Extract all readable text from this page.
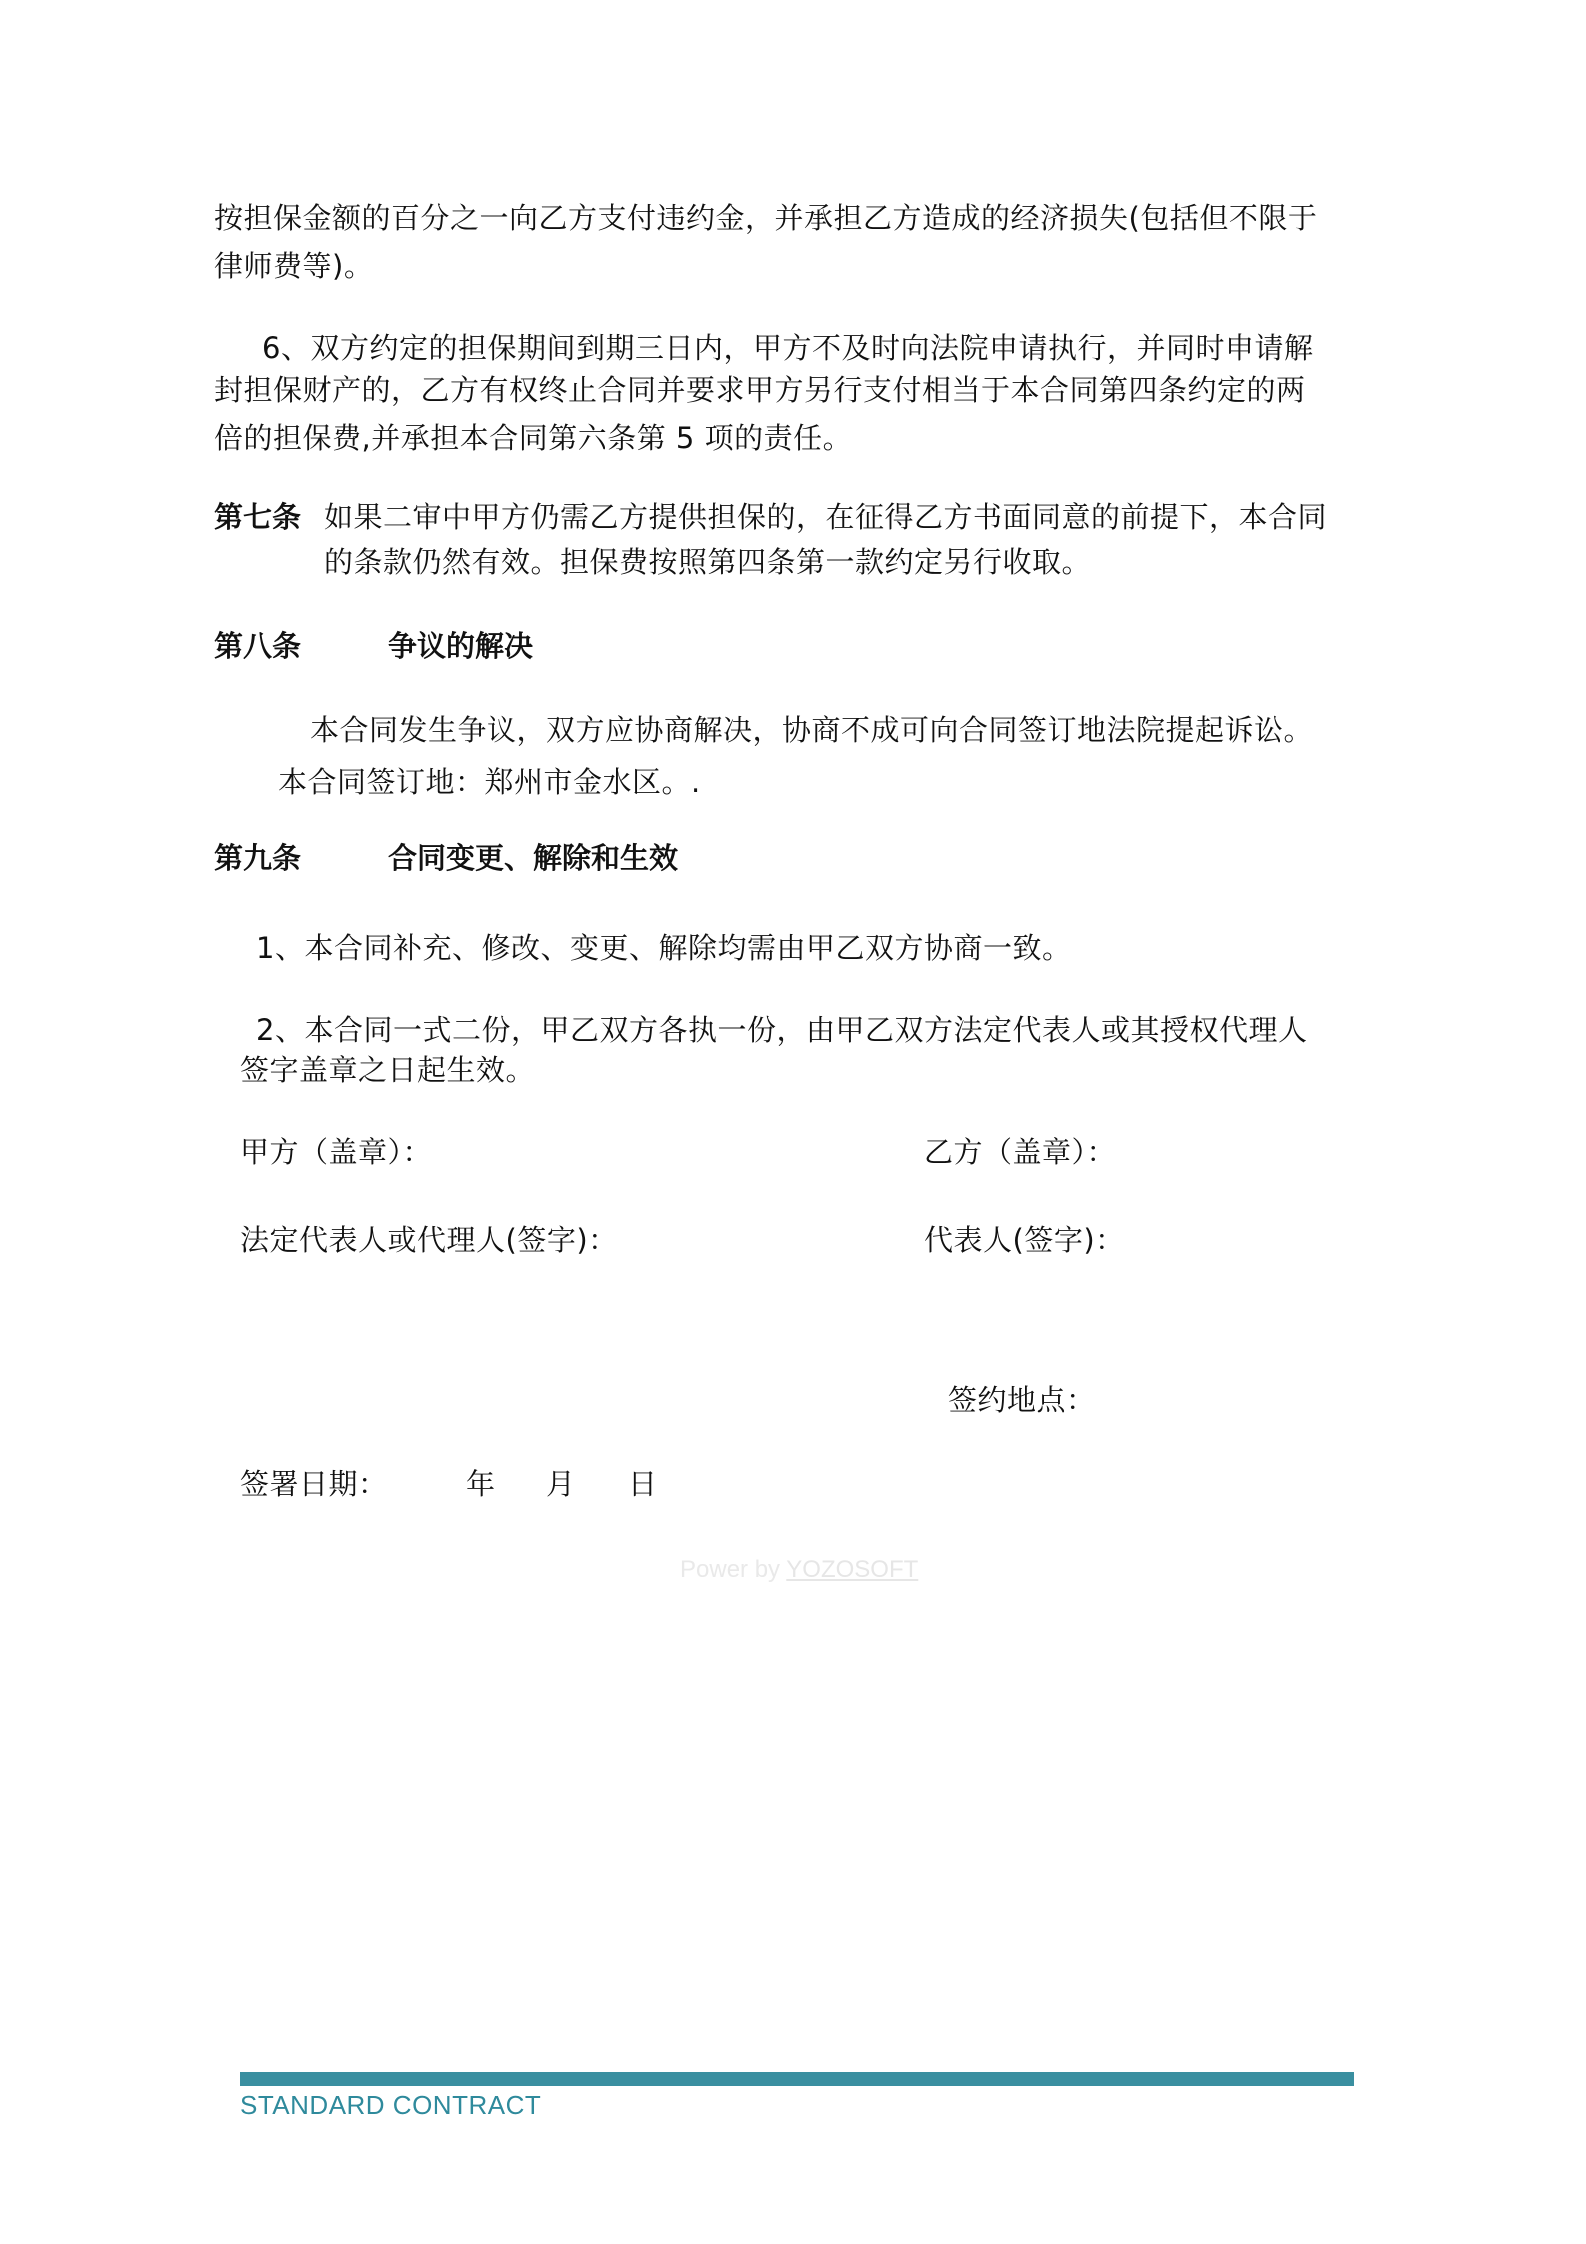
按担保金额的百分之一向乙方支付违约金，并承担乙方造成的经济损失(包括但不限于
律师费等)。
6、双方约定的担保期间到期三日内，甲方不及时向法院申请执行，并同时申请解
封担保财产的，乙方有权终止合同并要求甲方另行支付相当于本合同第四条约定的两
倍的担保费,并承担本合同第六条第 5 项的责任。
第七条 如果二审中甲方仍需乙方提供担保的，在征得乙方书面同意的前提下，本合同
的条款仍然有效。担保费按照第四条第一款约定另行收取。
第八条	争议的解决
本合同发生争议，双方应协商解决，协商不成可向合同签订地法院提起诉讼。
本合同签订地：郑州市金水区。.
第九条	合同变更、解除和生效
1、本合同补充、修改、变更、解除均需由甲乙双方协商一致。
2、本合同一式二份，甲乙双方各执一份，由甲乙双方法定代表人或其授权代理人
签字盖章之日起生效。
甲方（盖章）：	乙方（盖章）：
法定代表人或代理人(签字)：	代表人(签字)：
签约地点：
签署日期：	年 月 日
Power by YOZOSOFT
STANDARD CONTRACT
